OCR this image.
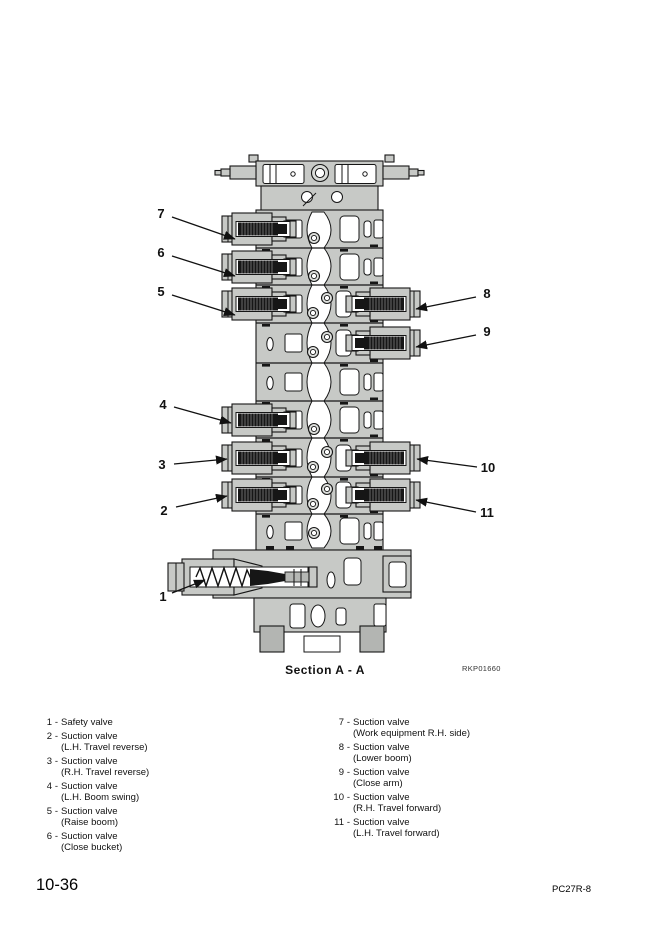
7
6
5
4
3
2
1
8
9
10
11
Section A - A	RKP01660
1 - Safety valve
2 - Suction valve
(L.H. Travel reverse)
3 - Suction valve
(R.H. Travel reverse)
4 - Suction valve
(L.H. Boom swing)
5 - Suction valve
(Raise boom)
6 - Suction valve
(Close bucket)
7 - Suction valve
(Work equipment R.H. side)
8 - Suction valve
(Lower boom)
9 - Suction valve
(Close arm)
10 - Suction valve
(R.H. Travel forward)
11 - Suction valve
(L.H. Travel forward)
10-36	PC27R-8
